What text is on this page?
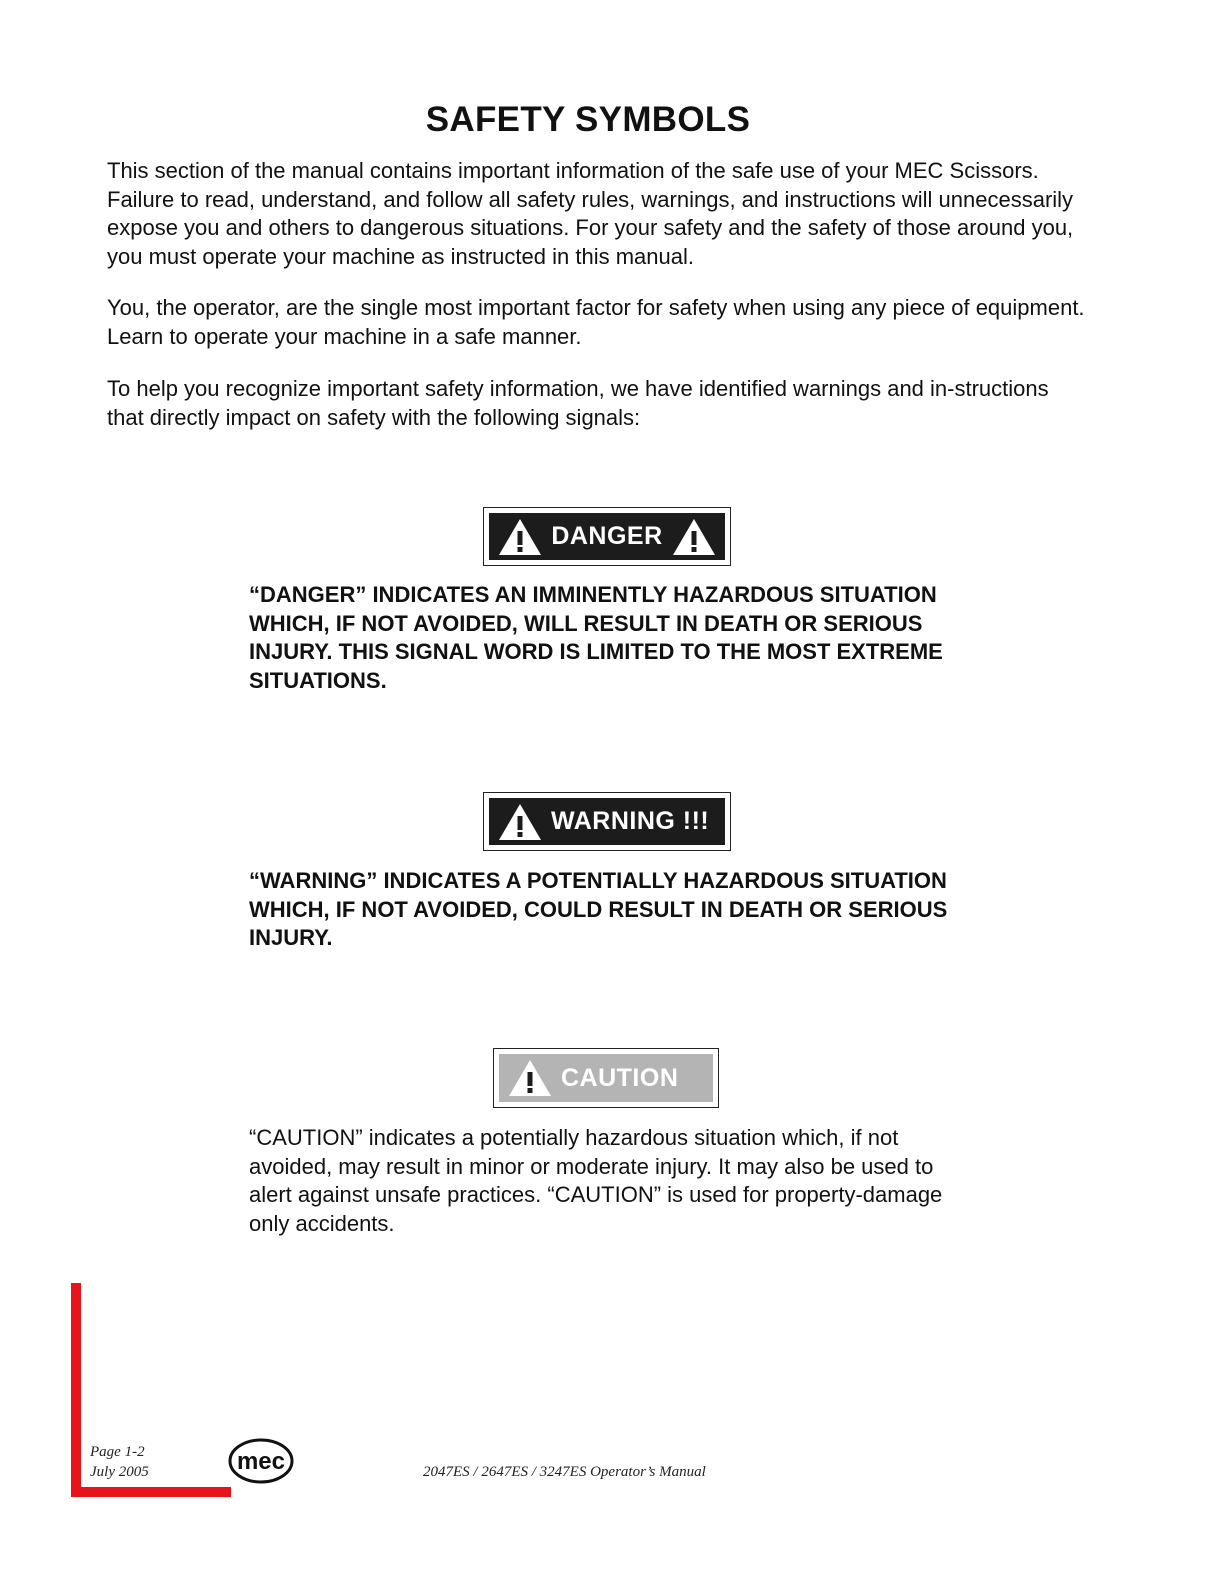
SAFETY SYMBOLS

This section of the manual contains important information of the safe use of your MEC Scissors. Failure to read, understand, and follow all safety rules, warnings, and instructions will unnecessarily expose you and others to dangerous situations. For your safety and the safety of those around you, you must operate your machine as instructed in this manual.

You, the operator, are the single most important factor for safety when using any piece of equipment. Learn to operate your machine in a safe manner.

To help you recognize important safety information, we have identified warnings and in-structions that directly impact on safety with the following signals:

DANGER

“DANGER” INDICATES AN IMMINENTLY HAZARDOUS SITUATION WHICH, IF NOT AVOIDED, WILL RESULT IN DEATH OR SERIOUS INJURY. THIS SIGNAL WORD IS LIMITED TO THE MOST EXTREME SITUATIONS.

WARNING !!!

“WARNING” INDICATES A POTENTIALLY HAZARDOUS SITUATION WHICH, IF NOT AVOIDED, COULD RESULT IN DEATH OR SERIOUS INJURY.

CAUTION

“CAUTION” indicates a potentially hazardous situation which, if not avoided, may result in minor or moderate injury. It may also be used to alert against unsafe practices. “CAUTION” is used for property-damage only accidents.

Page 1-2
July 2005	mec	2047ES / 2647ES / 3247ES Operator’s Manual
